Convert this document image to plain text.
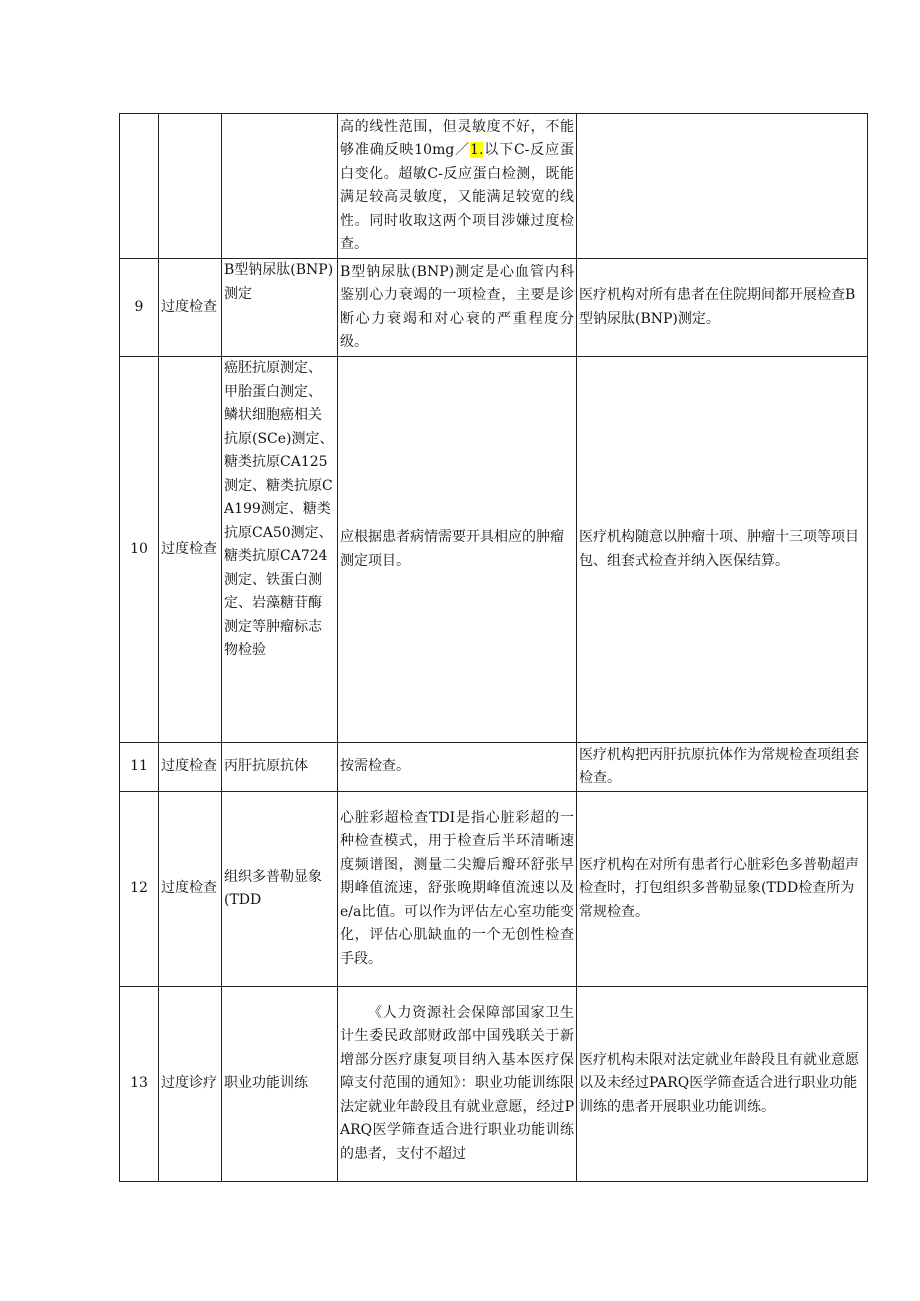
			高的线性范围，但灵敏度不好，不能够准确反映10mg／1.以下C-反应蛋白变化。超敏C-反应蛋白检测，既能满足较高灵敏度，又能满足较宽的线性。同时收取这两个项目涉嫌过度检查。	
9	过度检查	B型钠尿肽(BNP)测定	B型钠尿肽(BNP)测定是心血管内科鉴别心力衰竭的一项检查，主要是诊断心力衰竭和对心衰的严重程度分级。	医疗机构对所有患者在住院期间都开展检查B型钠尿肽(BNP)测定。
10	过度检查	癌胚抗原测定、甲胎蛋白测定、鳞状细胞癌相关抗原(SCe)测定、糖类抗原CA125测定、糖类抗原CA199测定、糖类抗原CA50测定、糖类抗原CA724测定、铁蛋白测定、岩藻糖苷酶测定等肿瘤标志物检验	应根据患者病情需要开具相应的肿瘤测定项目。	医疗机构随意以肿瘤十项、肿瘤十三项等项目包、组套式检查并纳入医保结算。
11	过度检查	丙肝抗原抗体	按需检查。	医疗机构把丙肝抗原抗体作为常规检查项组套检查。
12	过度检查	组织多普勒显象(TDD	心脏彩超检查TDI是指心脏彩超的一种检查模式，用于检查后半环清晰速度频谱图，测量二尖瓣后瓣环舒张早期峰值流速，舒张晚期峰值流速以及e/a比值。可以作为评估左心室功能变化，评估心肌缺血的一个无创性检查手段。	医疗机构在对所有患者行心脏彩色多普勒超声检查时，打包组织多普勒显象(TDD检查所为常规检查。
13	过度诊疗	职业功能训练	《人力资源社会保障部国家卫生计生委民政部财政部中国残联关于新增部分医疗康复项目纳入基本医疗保障支付范围的通知》：职业功能训练限法定就业年龄段且有就业意愿，经过PARQ医学筛查适合进行职业功能训练的患者，支付不超过	医疗机构未限对法定就业年龄段且有就业意愿以及未经过PARQ医学筛查适合进行职业功能训练的患者开展职业功能训练。
